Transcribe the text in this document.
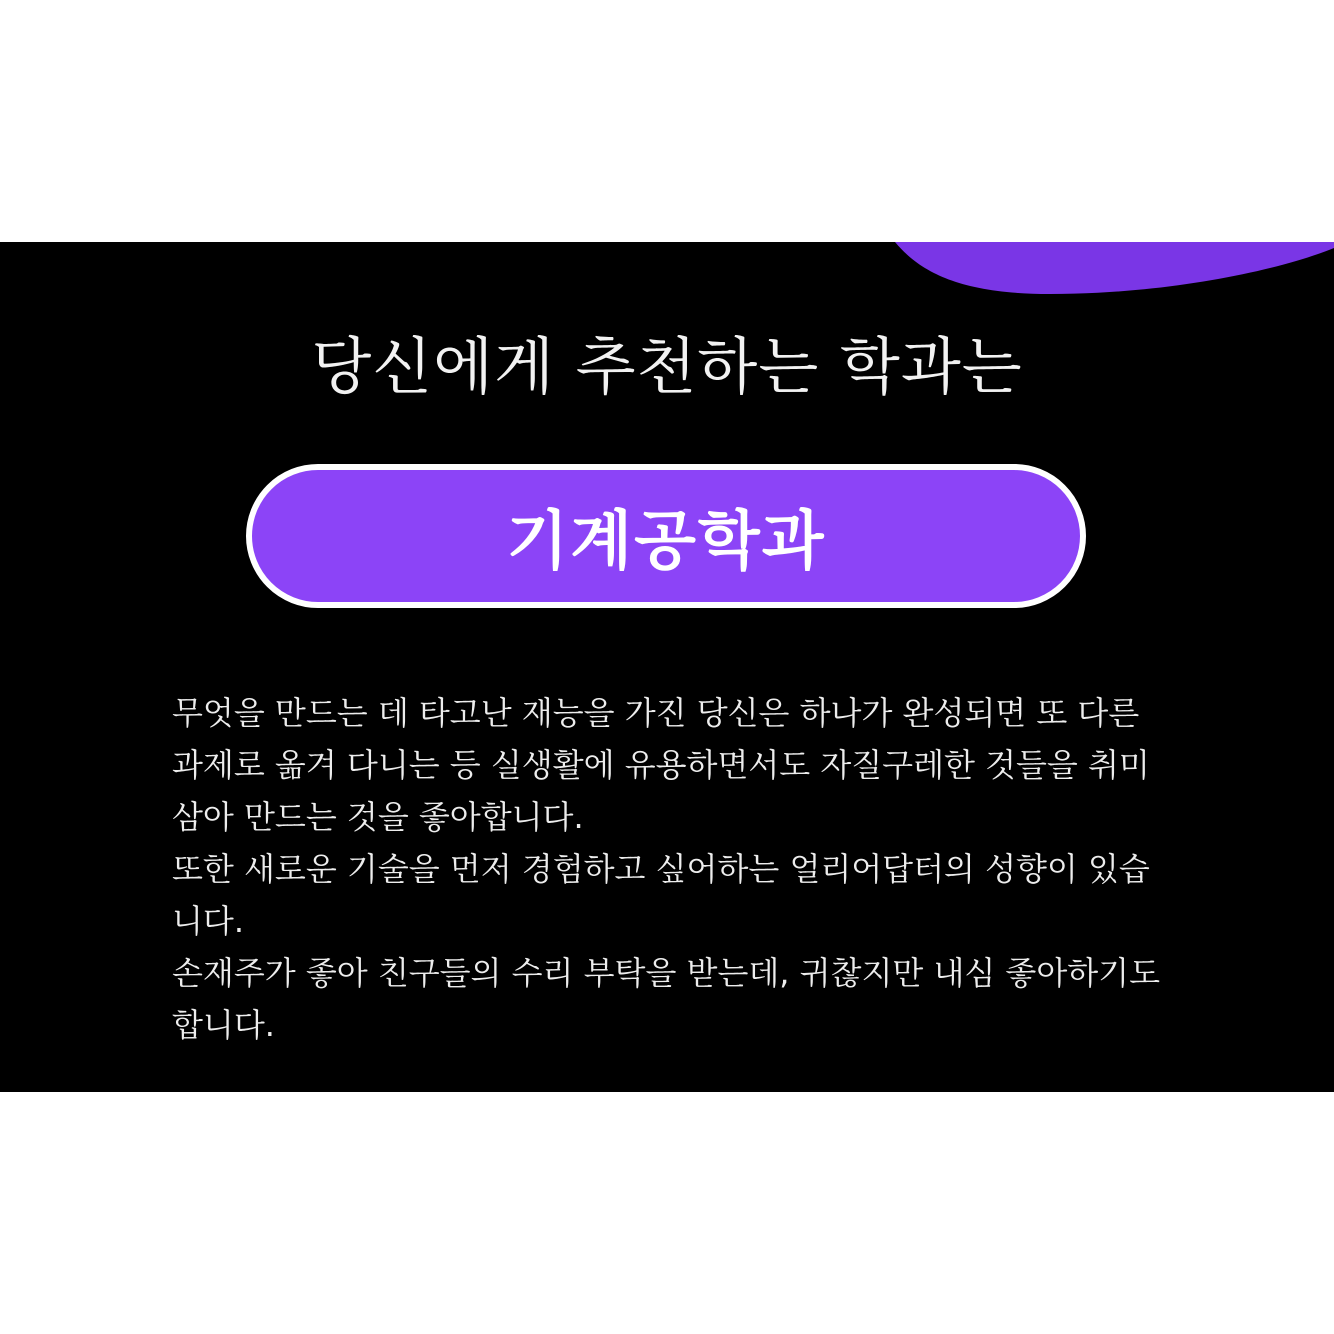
당신에게 추천하는 학과는
기계공학과

무엇을 만드는 데 타고난 재능을 가진 당신은 하나가 완성되면 또 다른 과제로 옮겨 다니는 등 실생활에 유용하면서도 자질구레한 것들을 취미 삼아 만드는 것을 좋아합니다.

또한 새로운 기술을 먼저 경험하고 싶어하는 얼리어답터의 성향이 있습니다.

손재주가 좋아 친구들의 수리 부탁을 받는데, 귀찮지만 내심 좋아하기도 합니다.
